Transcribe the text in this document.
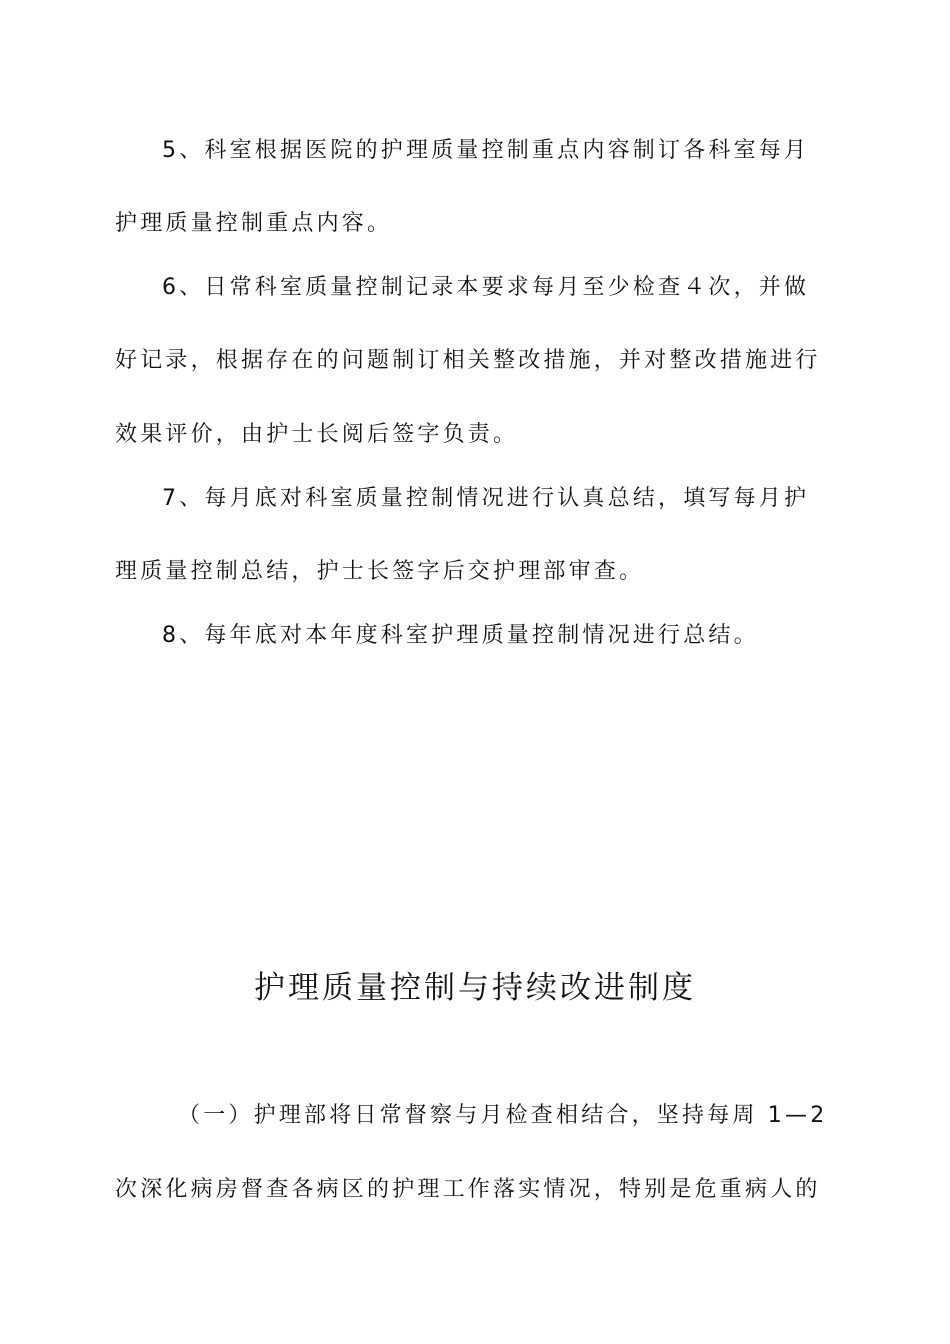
5、科室根据医院的护理质量控制重点内容制订各科室每月
护理质量控制重点内容。
6、日常科室质量控制记录本要求每月至少检查４次，并做
好记录，根据存在的问题制订相关整改措施，并对整改措施进行
效果评价，由护士长阅后签字负责。
7、每月底对科室质量控制情况进行认真总结，填写每月护
理质量控制总结，护士长签字后交护理部审查。
8、每年底对本年度科室护理质量控制情况进行总结。
护理质量控制与持续改进制度
（一）护理部将日常督察与月检查相结合，坚持每周 1—2
次深化病房督查各病区的护理工作落实情况，特别是危重病人的
